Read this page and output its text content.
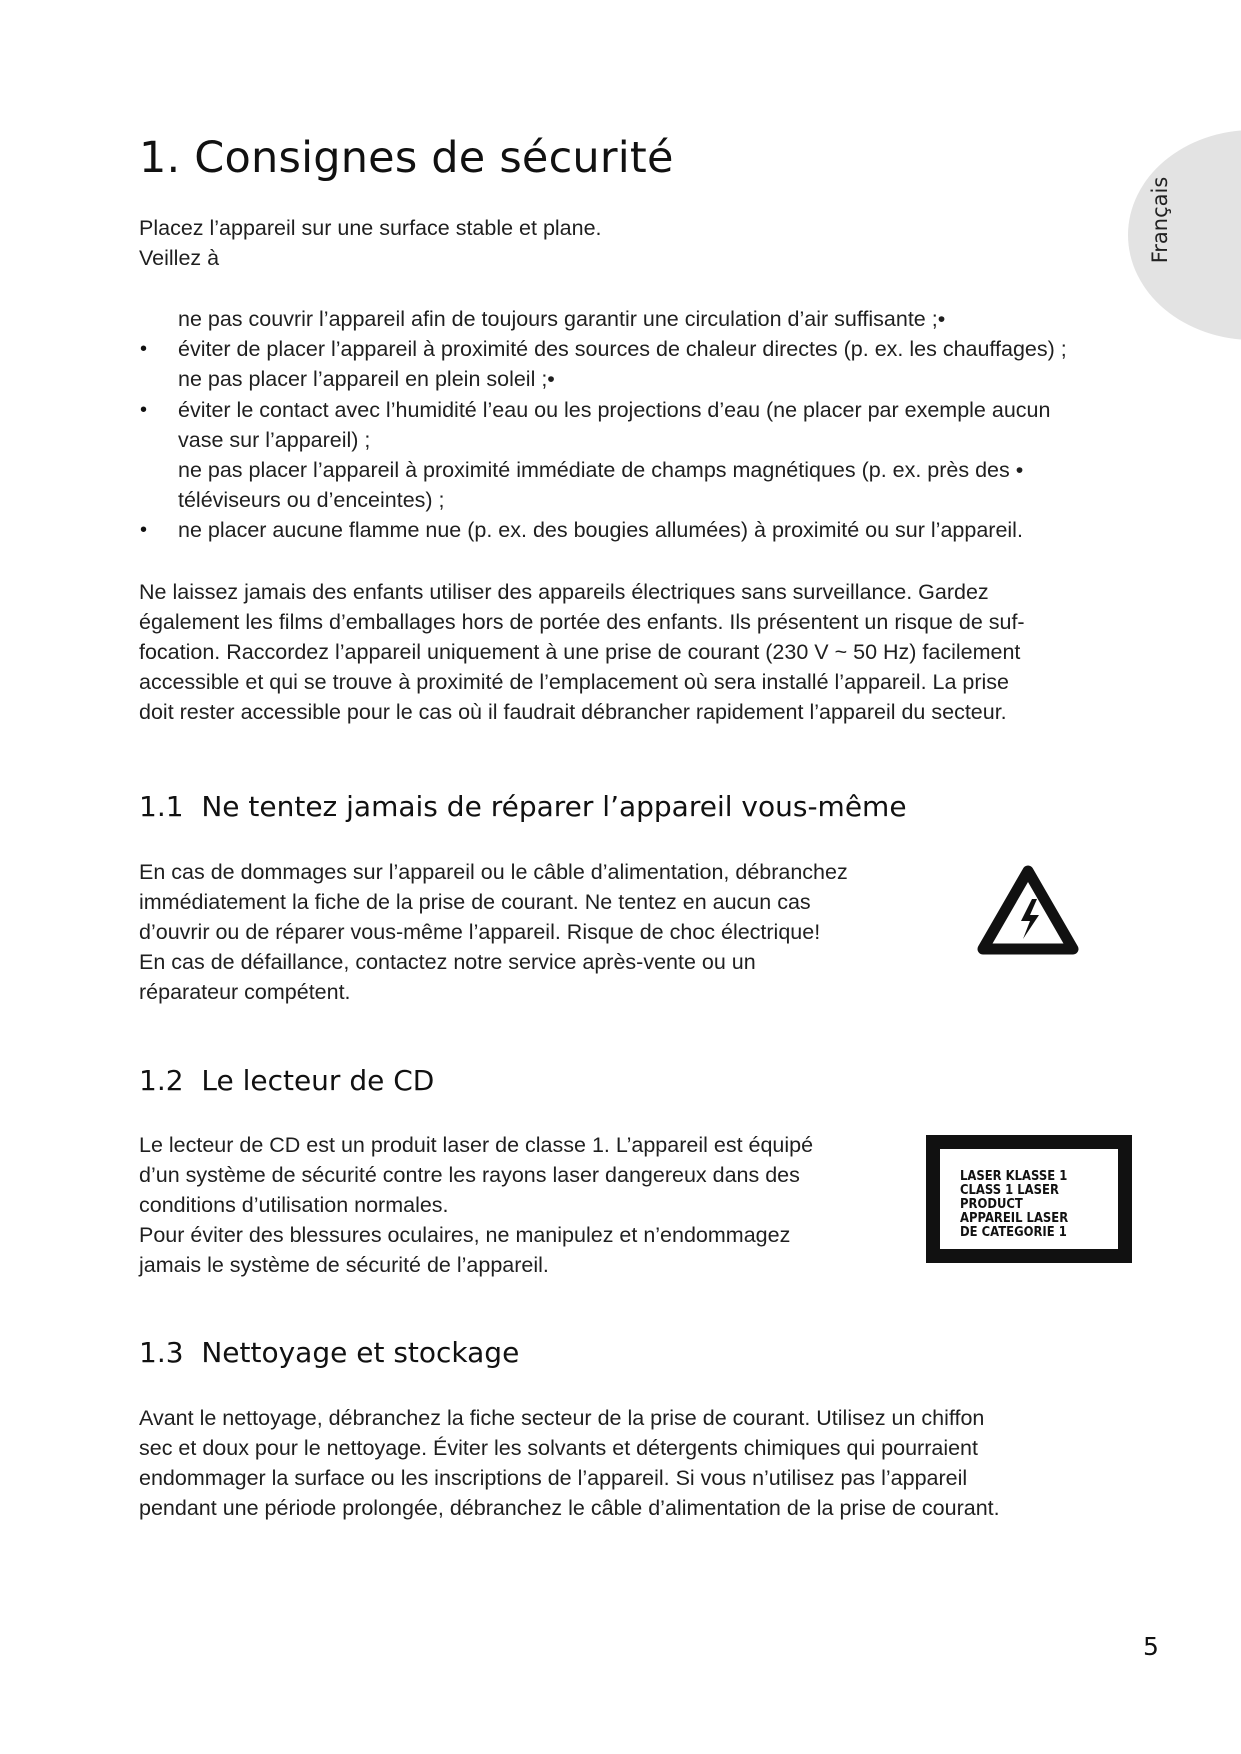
Français
1. Consignes de sécurité
Placez l’appareil sur une surface stable et plane.
Veillez à
ne pas couvrir l’appareil afin de toujours garantir une circulation d’air suffisante ;•
• éviter de placer l’appareil à proximité des sources de chaleur directes (p. ex. les chauffages) ;
ne pas placer l’appareil en plein soleil ;•
• éviter le contact avec l’humidité l’eau ou les projections d’eau (ne placer par exemple aucun
vase sur l’appareil) ;
ne pas placer l’appareil à proximité immédiate de champs magnétiques (p. ex. près des •
téléviseurs ou d’enceintes) ;
• ne placer aucune flamme nue (p. ex. des bougies allumées) à proximité ou sur l’appareil.
Ne laissez jamais des enfants utiliser des appareils électriques sans surveillance. Gardez
également les films d’emballages hors de portée des enfants. Ils présentent un risque de suf-
focation. Raccordez l’appareil uniquement à une prise de courant (230 V ~ 50 Hz) facilement
accessible et qui se trouve à proximité de l’emplacement où sera installé l’appareil. La prise
doit rester accessible pour le cas où il faudrait débrancher rapidement l’appareil du secteur.
1.1  Ne tentez jamais de réparer l’appareil vous-même
En cas de dommages sur l’appareil ou le câble d’alimentation, débranchez
immédiatement la fiche de la prise de courant. Ne tentez en aucun cas
d’ouvrir ou de réparer vous-même l’appareil. Risque de choc électrique!
En cas de défaillance, contactez notre service après-vente ou un
réparateur compétent.
1.2  Le lecteur de CD
Le lecteur de CD est un produit laser de classe 1. L’appareil est équipé
d’un système de sécurité contre les rayons laser dangereux dans des
conditions d’utilisation normales.
Pour éviter des blessures oculaires, ne manipulez et n’endommagez
jamais le système de sécurité de l’appareil.
LASER KLASSE 1
CLASS 1 LASER
PRODUCT
APPAREIL LASER
DE CATEGORIE 1
1.3  Nettoyage et stockage
Avant le nettoyage, débranchez la fiche secteur de la prise de courant. Utilisez un chiffon
sec et doux pour le nettoyage. Éviter les solvants et détergents chimiques qui pourraient
endommager la surface ou les inscriptions de l’appareil. Si vous n’utilisez pas l’appareil
pendant une période prolongée, débranchez le câble d’alimentation de la prise de courant.
5
